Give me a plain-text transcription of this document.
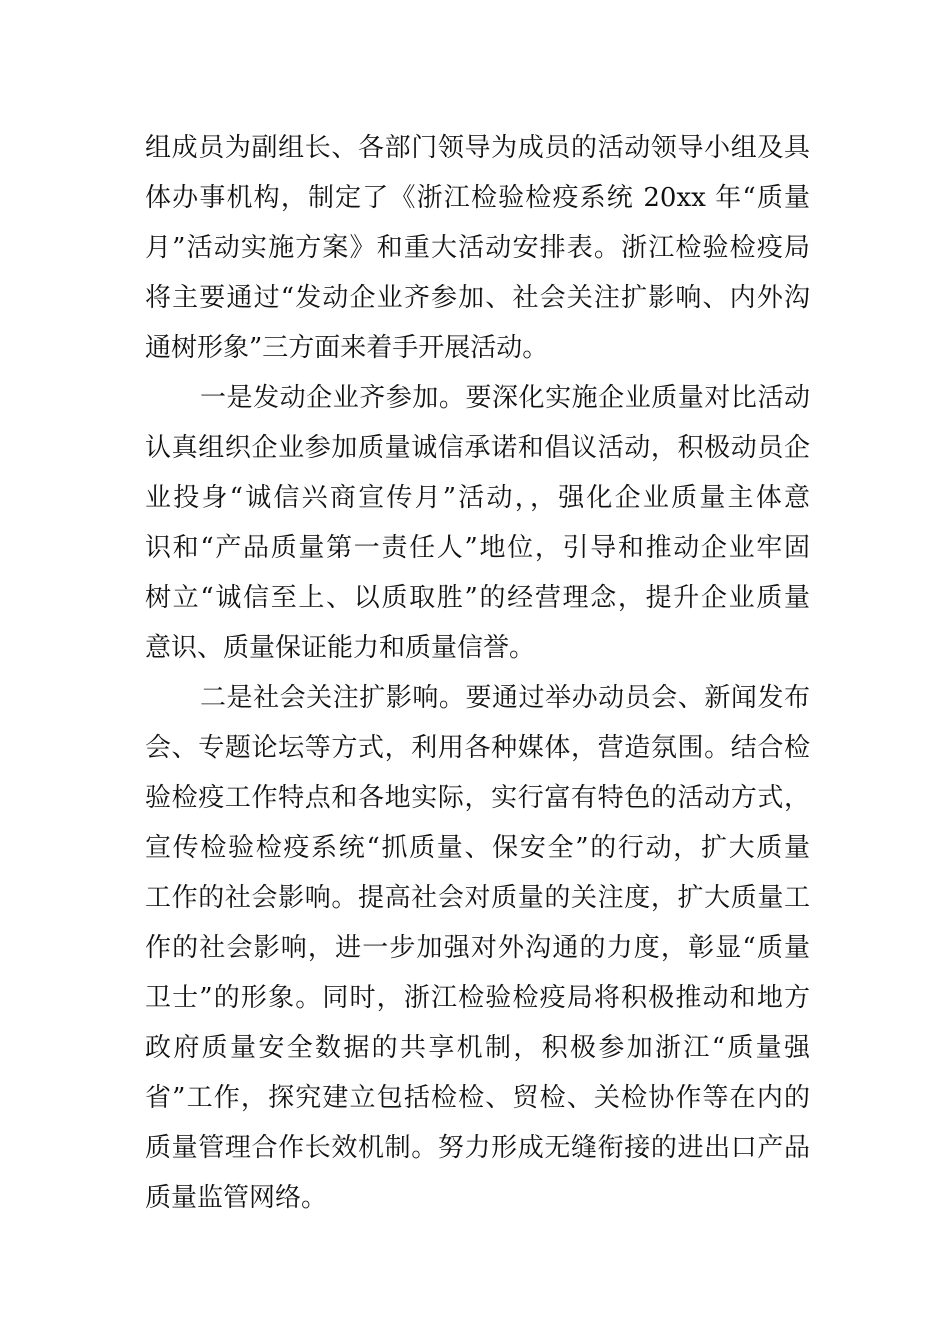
组成员为副组长、各部门领导为成员的活动领导小组及具
体办事机构，制定了《浙江检验检疫系统 20xx 年“质量
月”活动实施方案》和重大活动安排表。浙江检验检疫局
将主要通过“发动企业齐参加、社会关注扩影响、内外沟
通树形象”三方面来着手开展活动。
一是发动企业齐参加。要深化实施企业质量对比活动
认真组织企业参加质量诚信承诺和倡议活动，积极动员企
业投身“诚信兴商宣传月”活动，，强化企业质量主体意
识和“产品质量第一责任人”地位，引导和推动企业牢固
树立“诚信至上、以质取胜”的经营理念，提升企业质量
意识、质量保证能力和质量信誉。
二是社会关注扩影响。要通过举办动员会、新闻发布
会、专题论坛等方式，利用各种媒体，营造氛围。结合检
验检疫工作特点和各地实际，实行富有特色的活动方式，
宣传检验检疫系统“抓质量、保安全”的行动，扩大质量
工作的社会影响。提高社会对质量的关注度，扩大质量工
作的社会影响，进一步加强对外沟通的力度，彰显“质量
卫士”的形象。同时，浙江检验检疫局将积极推动和地方
政府质量安全数据的共享机制，积极参加浙江“质量强
省”工作，探究建立包括检检、贸检、关检协作等在内的
质量管理合作长效机制。努力形成无缝衔接的进出口产品
质量监管网络。
